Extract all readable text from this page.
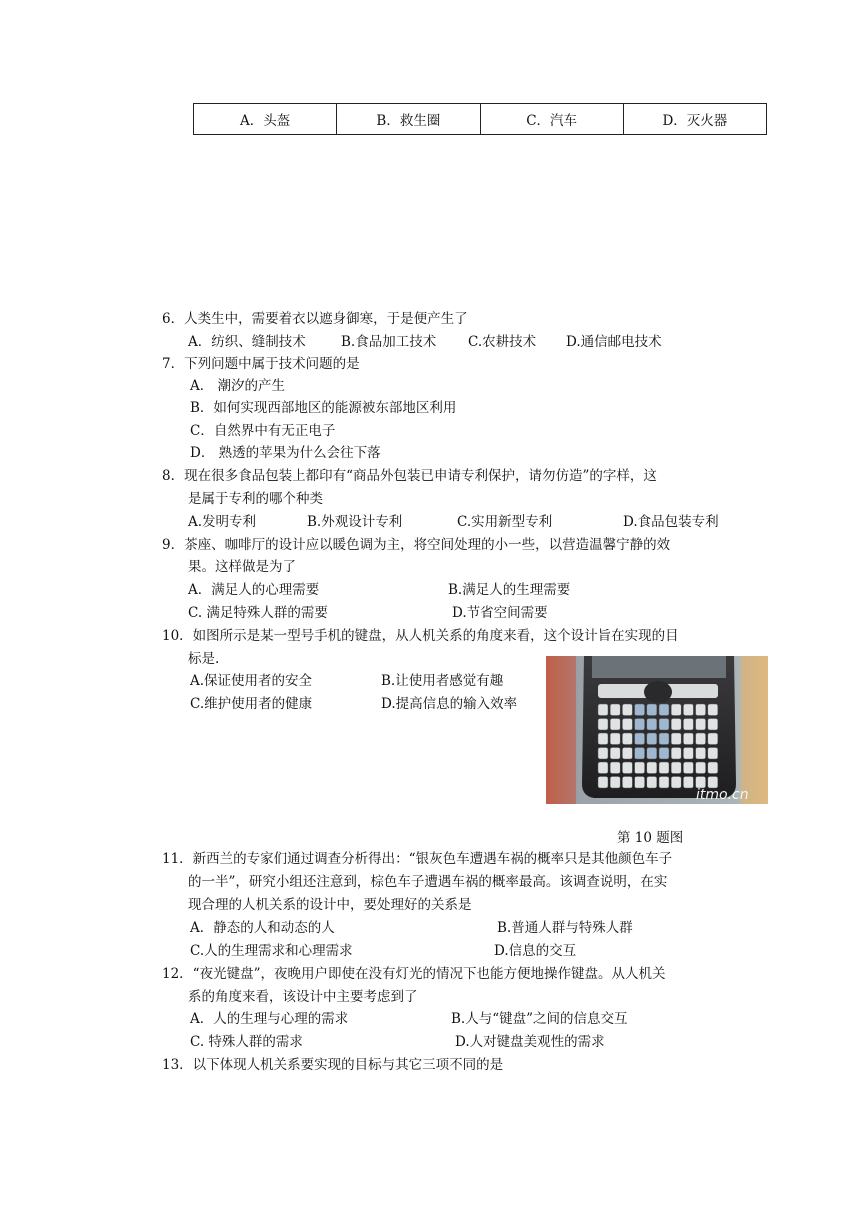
A．头盔	B．救生圈	C．汽车	D．灭火器
6．人类生中，需要着衣以遮身御寒，于是便产生了
A．纺织、缝制技术	B.食品加工技术 C.农耕技术 D.通信邮电技术
7．下列问题中属于技术问题的是
A． 潮汐的产生
B．如何实现西部地区的能源被东部地区利用
C．自然界中有无正电子
D． 熟透的苹果为什么会往下落
8．现在很多食品包装上都印有“商品外包装已申请专利保护，请勿仿造”的字样，这
是属于专利的哪个种类
A.发明专利	B.外观设计专利	C.实用新型专利	D.食品包装专利
9．茶座、咖啡厅的设计应以暖色调为主，将空间处理的小一些，以营造温馨宁静的效
果。这样做是为了
A．满足人的心理需要	B.满足人的生理需要
C. 满足特殊人群的需要	D.节省空间需要
10．如图所示是某一型号手机的键盘，从人机关系的角度来看，这个设计旨在实现的目
标是.
A.保证使用者的安全	B.让使用者感觉有趣
C.维护使用者的健康	D.提高信息的输入效率
itmo.cn
第 10 题图
11．新西兰的专家们通过调查分析得出：“银灰色车遭遇车祸的概率只是其他颜色车子
的一半”，研究小组还注意到，棕色车子遭遇车祸的概率最高。该调查说明，在实
现合理的人机关系的设计中，要处理好的关系是
A．静态的人和动态的人	B.普通人群与特殊人群
C.人的生理需求和心理需求	D.信息的交互
12．“夜光键盘”，夜晚用户即使在没有灯光的情况下也能方便地操作键盘。从人机关
系的角度来看，该设计中主要考虑到了
A．人的生理与心理的需求	B.人与“键盘”之间的信息交互
C. 特殊人群的需求	D.人对键盘美观性的需求
13．以下体现人机关系要实现的目标与其它三项不同的是
